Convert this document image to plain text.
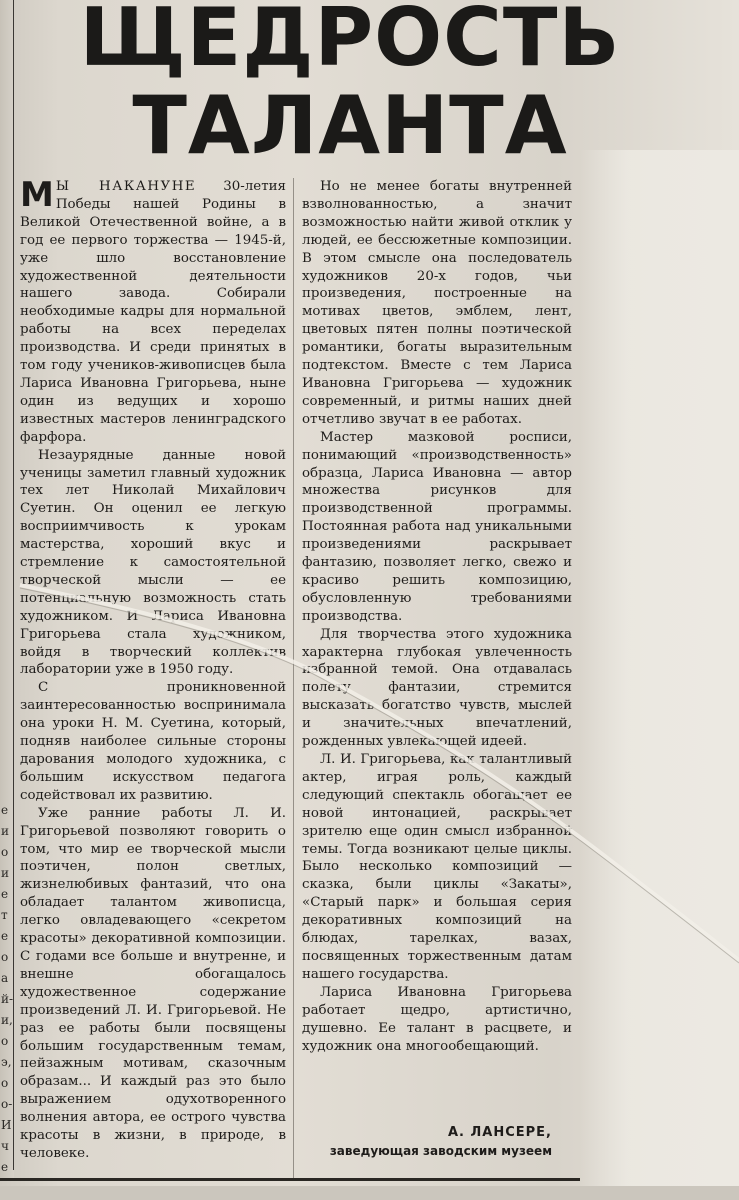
е
и
о
и
е
т
е
о
а
й-
и,
о
э,
о
о-
И
ч
е
ЩЕДРОСТЬ
ТАЛАНТА

М Ы НАКАНУНЕ 30-летия Победы нашей Родины в Великой Отечественной войне, а в год ее первого торжества — 1945-й, уже шло восстановление художественной деятельности нашего завода. Собирали необходимые кадры для нормальной работы на всех переделах производства. И среди принятых в том году учеников-живописцев была Лариса Ивановна Григорьева, ныне один из ведущих и хорошо известных мастеров ленинградского фарфора.

Незаурядные данные новой ученицы заметил главный художник тех лет Николай Михайлович Суетин. Он оценил ее легкую восприимчивость к урокам мастерства, хороший вкус и стремление к самостоятельной творческой мысли — ее потенциальную возможность стать художником. И Лариса Ивановна Григорьева стала художником, войдя в творческий коллектив лаборатории уже в 1950 году.

С проникновенной заинтересованностью воспринимала она уроки Н. М. Суетина, который, подняв наиболее сильные стороны дарования молодого художника, с большим искусством педагога содействовал их развитию.

Уже ранние работы Л. И. Григорьевой позволяют говорить о том, что мир ее творческой мысли поэтичен, полон светлых, жизнелюбивых фантазий, что она обладает талантом живописца, легко овладевающего «секретом красоты» декоративной композиции. С годами все больше и внутренне, и внешне обогащалось художественное содержание произведений Л. И. Григорьевой. Не раз ее работы были посвящены большим государственным темам, пейзажным мотивам, сказочным образам... И каждый раз это было выражением одухотворенного волнения автора, ее острого чувства красоты в жизни, в природе, в человеке.

Но не менее богаты внутренней взволнованностью, а значит возможностью найти живой отклик у людей, ее бессюжетные композиции. В этом смысле она последователь художников 20-х годов, чьи произведения, построенные на мотивах цветов, эмблем, лент, цветовых пятен полны поэтической романтики, богаты выразительным подтекстом. Вместе с тем Лариса Ивановна Григорьева — художник современный, и ритмы наших дней отчетливо звучат в ее работах.

Мастер мазковой росписи, понимающий «производственность» образца, Лариса Ивановна — автор множества рисунков для производственной программы. Постоянная работа над уникальными произведениями раскрывает фантазию, позволяет легко, свежо и красиво решить композицию, обусловленную требованиями производства.

Для творчества этого художника характерна глубокая увлеченность избранной темой. Она отдавалась полету фантазии, стремится высказать богатство чувств, мыслей и значительных впечатлений, рожденных увлекающей идеей.

Л. И. Григорьева, как талантливый актер, играя роль, каждый следующий спектакль обогащает ее новой интонацией, раскрывает зрителю еще один смысл избранной темы. Тогда возникают целые циклы. Было несколько композиций — сказка, были циклы «Закаты», «Старый парк» и большая серия декоративных композиций на блюдах, тарелках, вазах, посвященных торжественным датам нашего государства.

Лариса Ивановна Григорьева работает щедро, артистично, душевно. Ее талант в расцвете, и художник она многообещающий.

А. ЛАНСЕРЕ,
заведующая заводским музеем
